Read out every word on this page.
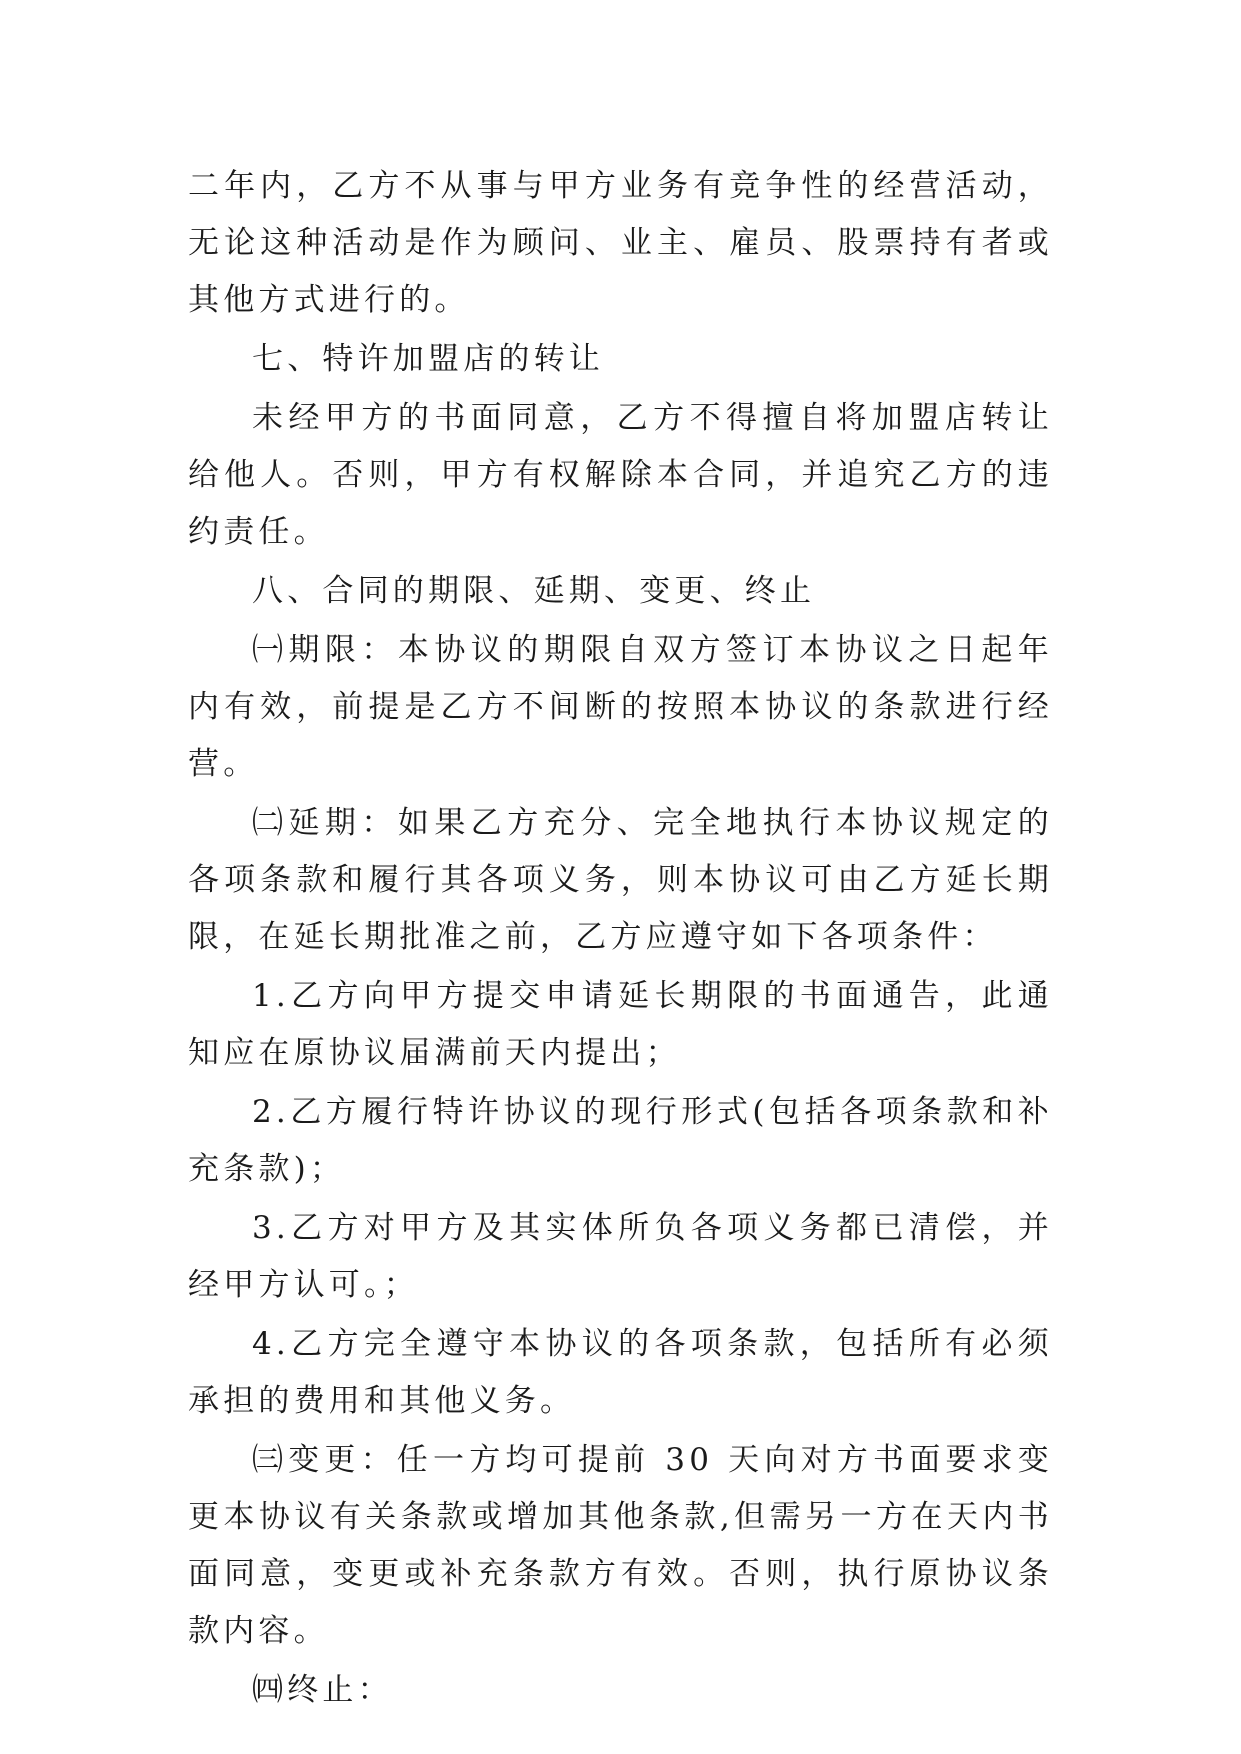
二年内，乙方不从事与甲方业务有竞争性的经营活动，无论这种活动是作为顾问、业主、雇员、股票持有者或其他方式进行的。

七、特许加盟店的转让

未经甲方的书面同意，乙方不得擅自将加盟店转让给他人。否则，甲方有权解除本合同，并追究乙方的违约责任。

八、合同的期限、延期、变更、终止

㈠期限：本协议的期限自双方签订本协议之日起年内有效，前提是乙方不间断的按照本协议的条款进行经营。

㈡延期：如果乙方充分、完全地执行本协议规定的各项条款和履行其各项义务，则本协议可由乙方延长期限，在延长期批准之前，乙方应遵守如下各项条件：

1.乙方向甲方提交申请延长期限的书面通告，此通知应在原协议届满前天内提出；

2.乙方履行特许协议的现行形式(包括各项条款和补充条款)；

3.乙方对甲方及其实体所负各项义务都已清偿，并经甲方认可。；

4.乙方完全遵守本协议的各项条款，包括所有必须承担的费用和其他义务。

㈢变更：任一方均可提前 30 天向对方书面要求变更本协议有关条款或增加其他条款,但需另一方在天内书面同意，变更或补充条款方有效。否则，执行原协议条款内容。

㈣终止：
